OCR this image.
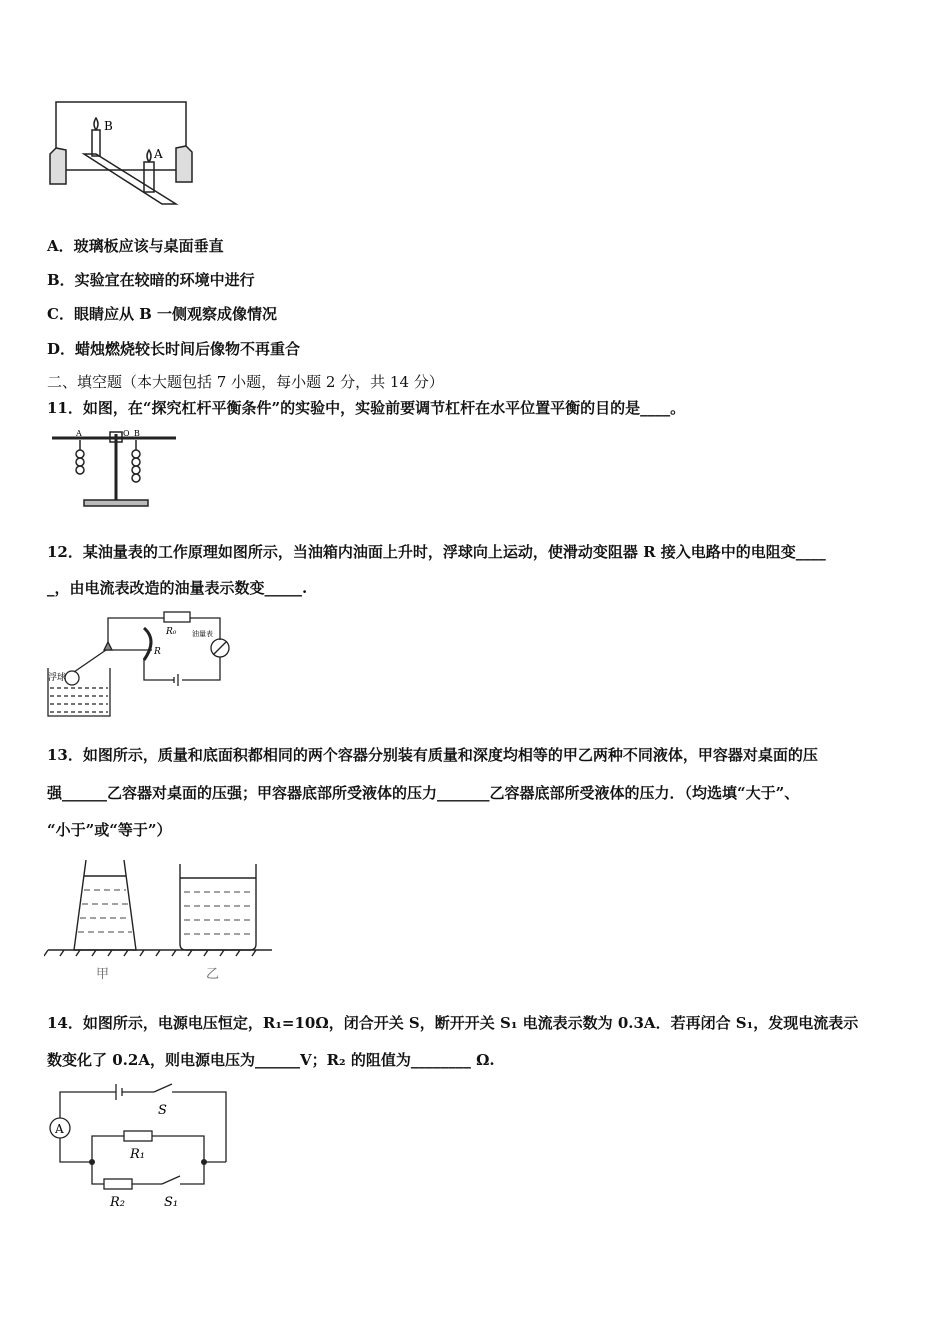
B
A
A．玻璃板应该与桌面垂直
B．实验宜在较暗的环境中进行
C．眼睛应从 B 一侧观察成像情况
D．蜡烛燃烧较长时间后像物不再重合
二、填空题（本大题包括 7 小题，每小题 2 分，共 14 分）
11．如图，在“探究杠杆平衡条件”的实验中，实验前要调节杠杆在水平位置平衡的目的是____。
A	O B
12．某油量表的工作原理如图所示，当油箱内油面上升时，浮球向上运动，使滑动变阻器 R 接入电路中的电阻变____
_，由电流表改造的油量表示数变_____.
R₀
R
油量表
浮球
13．如图所示，质量和底面积都相同的两个容器分别装有质量和深度均相等的甲乙两种不同液体，甲容器对桌面的压
强______乙容器对桌面的压强；甲容器底部所受液体的压力_______乙容器底部所受液体的压力．（均选填“大于”、
“小于”或“等于”）
甲	乙
14．如图所示，电源电压恒定，R₁=10Ω，闭合开关 S，断开开关 S₁ 电流表示数为 0.3A．若再闭合 S₁，发现电流表示
数变化了 0.2A，则电源电压为______V；R₂ 的阻值为________ Ω.
A
S
R₁
R₂	S₁
